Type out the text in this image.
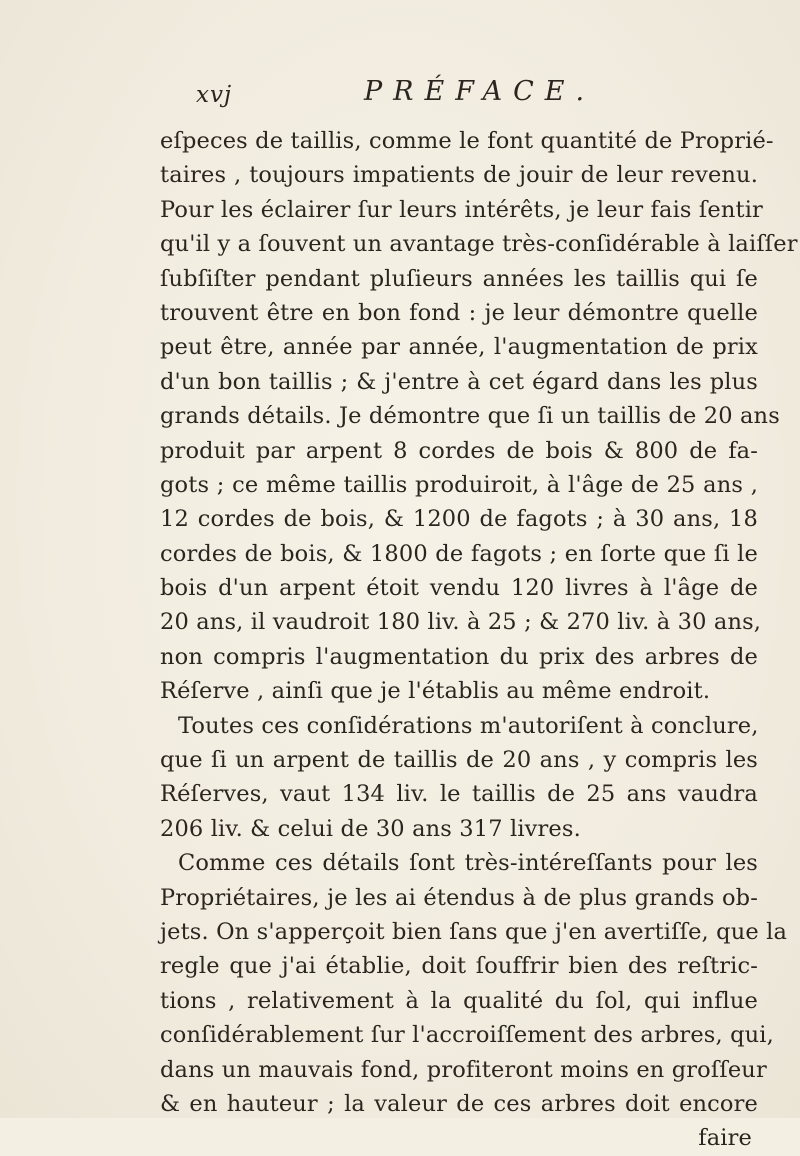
xvj	PRÉFACE.
eſpeces de taillis, comme le font quantité de Proprié-
taires , toujours impatients de jouir de leur revenu.
Pour les éclairer ſur leurs intérêts, je leur fais ſentir
qu'il y a ſouvent un avantage très-conſidérable à laiſſer
ſubſiſter pendant pluſieurs années les taillis qui ſe
trouvent être en bon fond : je leur démontre quelle
peut être, année par année, l'augmentation de prix
d'un bon taillis ; & j'entre à cet égard dans les plus
grands détails. Je démontre que ſi un taillis de 20 ans
produit par arpent 8 cordes de bois & 800 de fa-
gots ; ce même taillis produiroit, à l'âge de 25 ans ,
12 cordes de bois, & 1200 de fagots ; à 30 ans, 18
cordes de bois, & 1800 de fagots ; en ſorte que ſi le
bois d'un arpent étoit vendu 120 livres à l'âge de
20 ans, il vaudroit 180 liv. à 25 ; & 270 liv. à 30 ans,
non compris l'augmentation du prix des arbres de
Réſerve , ainſi que je l'établis au même endroit.
Toutes ces conſidérations m'autoriſent à conclure,
que ſi un arpent de taillis de 20 ans , y compris les
Réſerves, vaut 134 liv. le taillis de 25 ans vaudra
206 liv. & celui de 30 ans 317 livres.
Comme ces détails ſont très-intéreſſants pour les
Propriétaires, je les ai étendus à de plus grands ob-
jets. On s'apperçoit bien ſans que j'en avertiſſe, que la
regle que j'ai établie, doit ſouffrir bien des reſtric-
tions , relativement à la qualité du ſol, qui influe
conſidérablement ſur l'accroiſſement des arbres, qui,
dans un mauvais fond, profiteront moins en groſſeur
& en hauteur ; la valeur de ces arbres doit encore
faire
